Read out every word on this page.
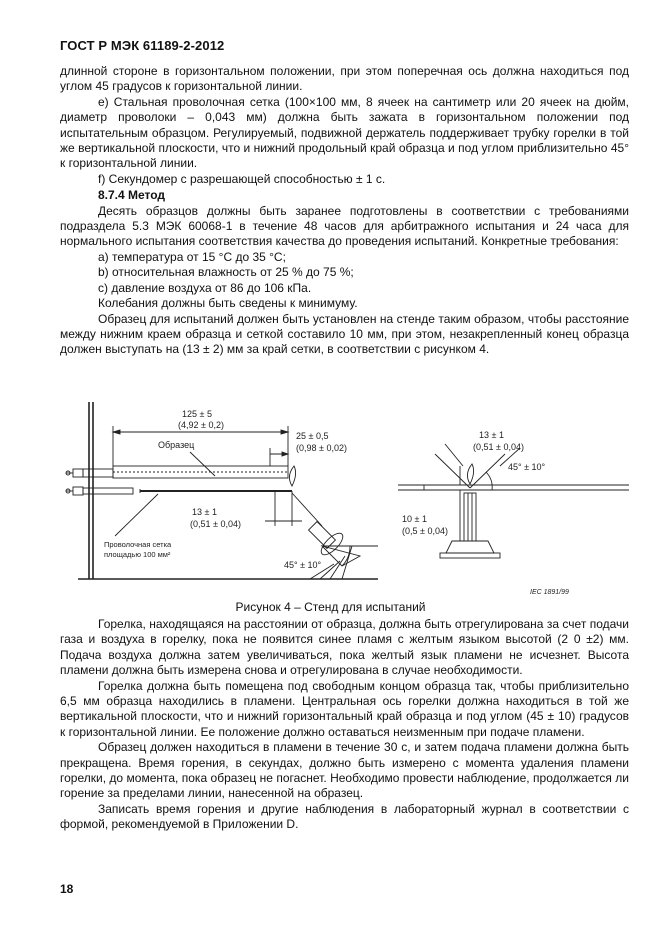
ГОСТ Р МЭК 61189-2-2012

длинной стороне в горизонтальном положении, при этом поперечная ось должна находиться под углом 45 градусов к горизонтальной линии.

e) Стальная проволочная сетка (100×100 мм, 8 ячеек на сантиметр или 20 ячеек на дюйм, диаметр проволоки – 0,043 мм) должна быть зажата в горизонтальном положении под испытательным образцом. Регулируемый, подвижной держатель поддерживает трубку горелки в той же вертикальной плоскости, что и нижний продольный край образца и под углом приблизительно 45° к горизонтальной линии.

f) Секундомер с разрешающей способностью ± 1 с.

8.7.4 Метод

Десять образцов должны быть заранее подготовлены в соответствии с требованиями подраздела 5.3 МЭК 60068-1 в течение 48 часов для арбитражного испытания и 24 часа для нормального испытания соответствия качества до проведения испытаний. Конкретные требования:

a) температура от 15 °С до 35 °С;

b) относительная влажность от 25 % до 75 %;

c) давление воздуха от 86 до 106 кПа.

Колебания должны быть сведены к минимуму.

Образец для испытаний должен быть установлен на стенде таким образом, чтобы расстояние между нижним краем образца и сеткой составило 10 мм, при этом, незакрепленный конец образца должен выступать на (13 ± 2) мм за край сетки, в соответствии с рисунком 4.

125 ± 5
(4,92 ± 0,2)
Образец
25 ± 0,5
(0,98 ± 0,02)
13 ± 1
(0,51 ± 0,04)
Проволочная сетка
площадью 100 мм²
45° ± 10°
13 ± 1
(0,51 ± 0,04)
45° ± 10°
10 ± 1
(0,5 ± 0,04)
IEC 1891/99
Рисунок 4 – Стенд для испытаний

Горелка, находящаяся на расстоянии от образца, должна быть отрегулирована за счет подачи газа и воздуха в горелку, пока не появится синее пламя с желтым языком высотой (2 0 ±2) мм. Подача воздуха должна затем увеличиваться, пока желтый язык пламени не исчезнет. Высота пламени должна быть измерена снова и отрегулирована в случае необходимости.

Горелка должна быть помещена под свободным концом образца так, чтобы приблизительно 6,5 мм образца находились в пламени. Центральная ось горелки должна находиться в той же вертикальной плоскости, что и нижний горизонтальный край образца и под углом (45 ± 10) градусов к горизонтальной линии. Ее положение должно оставаться неизменным при подаче пламени.

Образец должен находиться в пламени в течение 30 с, и затем подача пламени должна быть прекращена. Время горения, в секундах, должно быть измерено с момента удаления пламени горелки, до момента, пока образец не погаснет. Необходимо провести наблюдение, продолжается ли горение за пределами линии, нанесенной на образец.

Записать время горения и другие наблюдения в лабораторный журнал в соответствии с формой, рекомендуемой в Приложении D.

18
